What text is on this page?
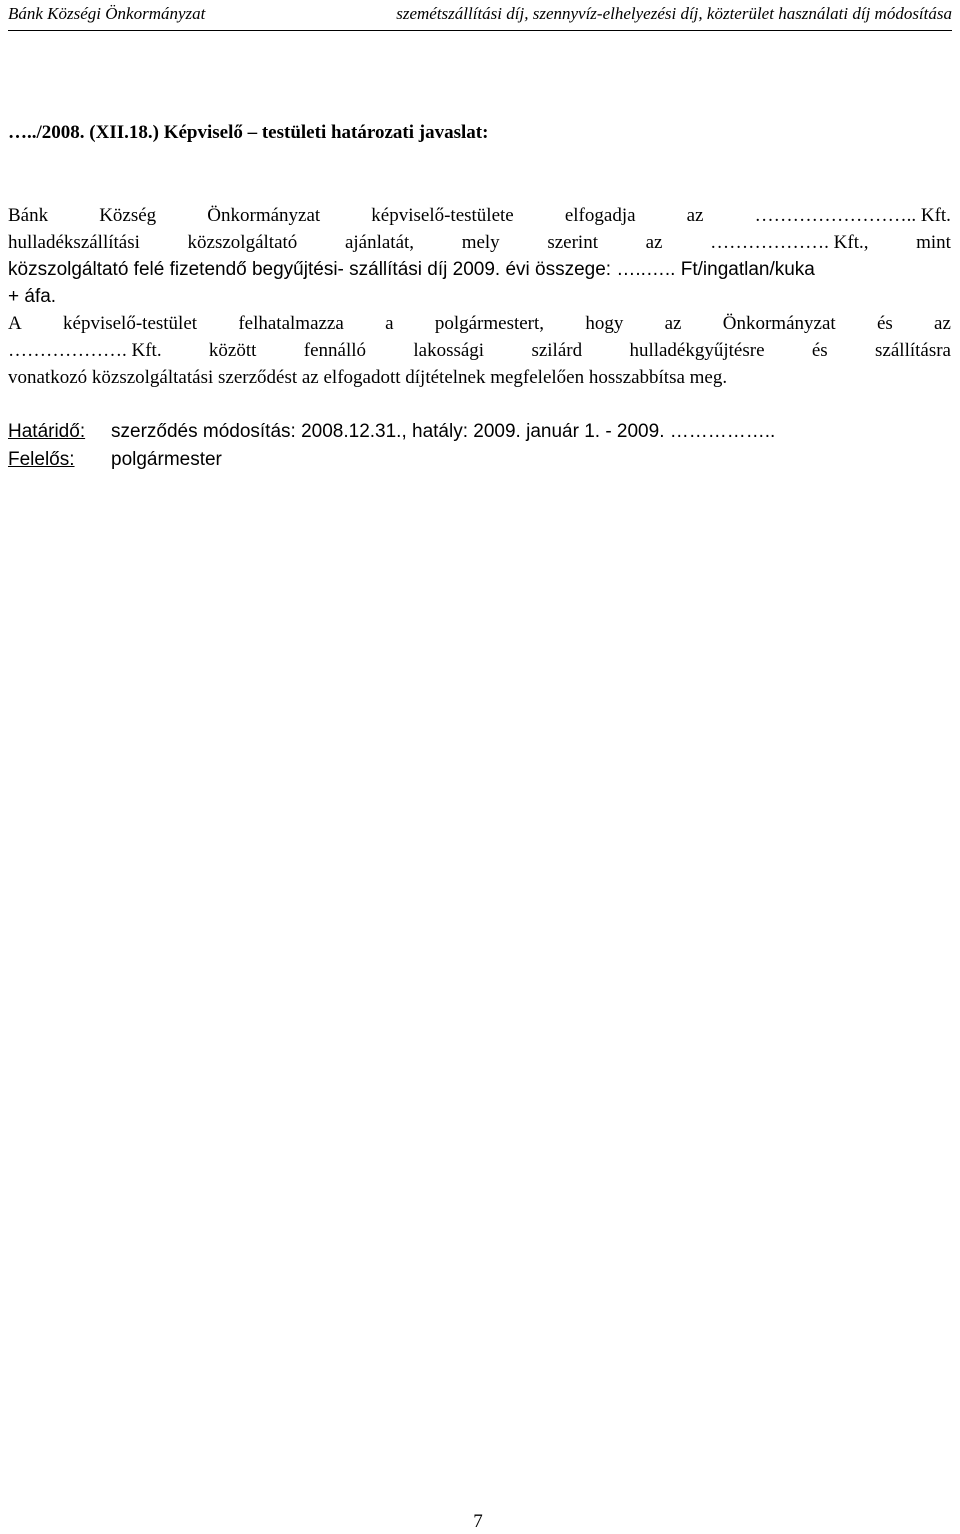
Bánk Községi Önkormányzat	szemétszállítási díj, szennyvíz-elhelyezési díj, közterület használati díj módosítása
…../2008. (XII.18.) Képviselő – testületi határozati javaslat:
Bánk	Község	Önkormányzat	képviselő-testülete	elfogadja	az	…………………….. Kft.
hulladékszállítási	közszolgáltató	ajánlatát,	mely	szerint	az	………………. Kft.,	mint
közszolgáltató felé fizetendő begyűjtési- szállítási díj 2009. évi összege: …..….. Ft/ingatlan/kuka
+ áfa.
A képviselő-testület felhatalmazza a polgármestert, hogy az Önkormányzat és az
………………. Kft. között fennálló lakossági szilárd hulladékgyűjtésre és szállításra
vonatkozó közszolgáltatási szerződést az elfogadott díjtételnek megfelelően hosszabbítsa meg.
Határidő: szerződés módosítás: 2008.12.31., hatály: 2009. január 1. - 2009. ……………..
Felelős: polgármester
7
